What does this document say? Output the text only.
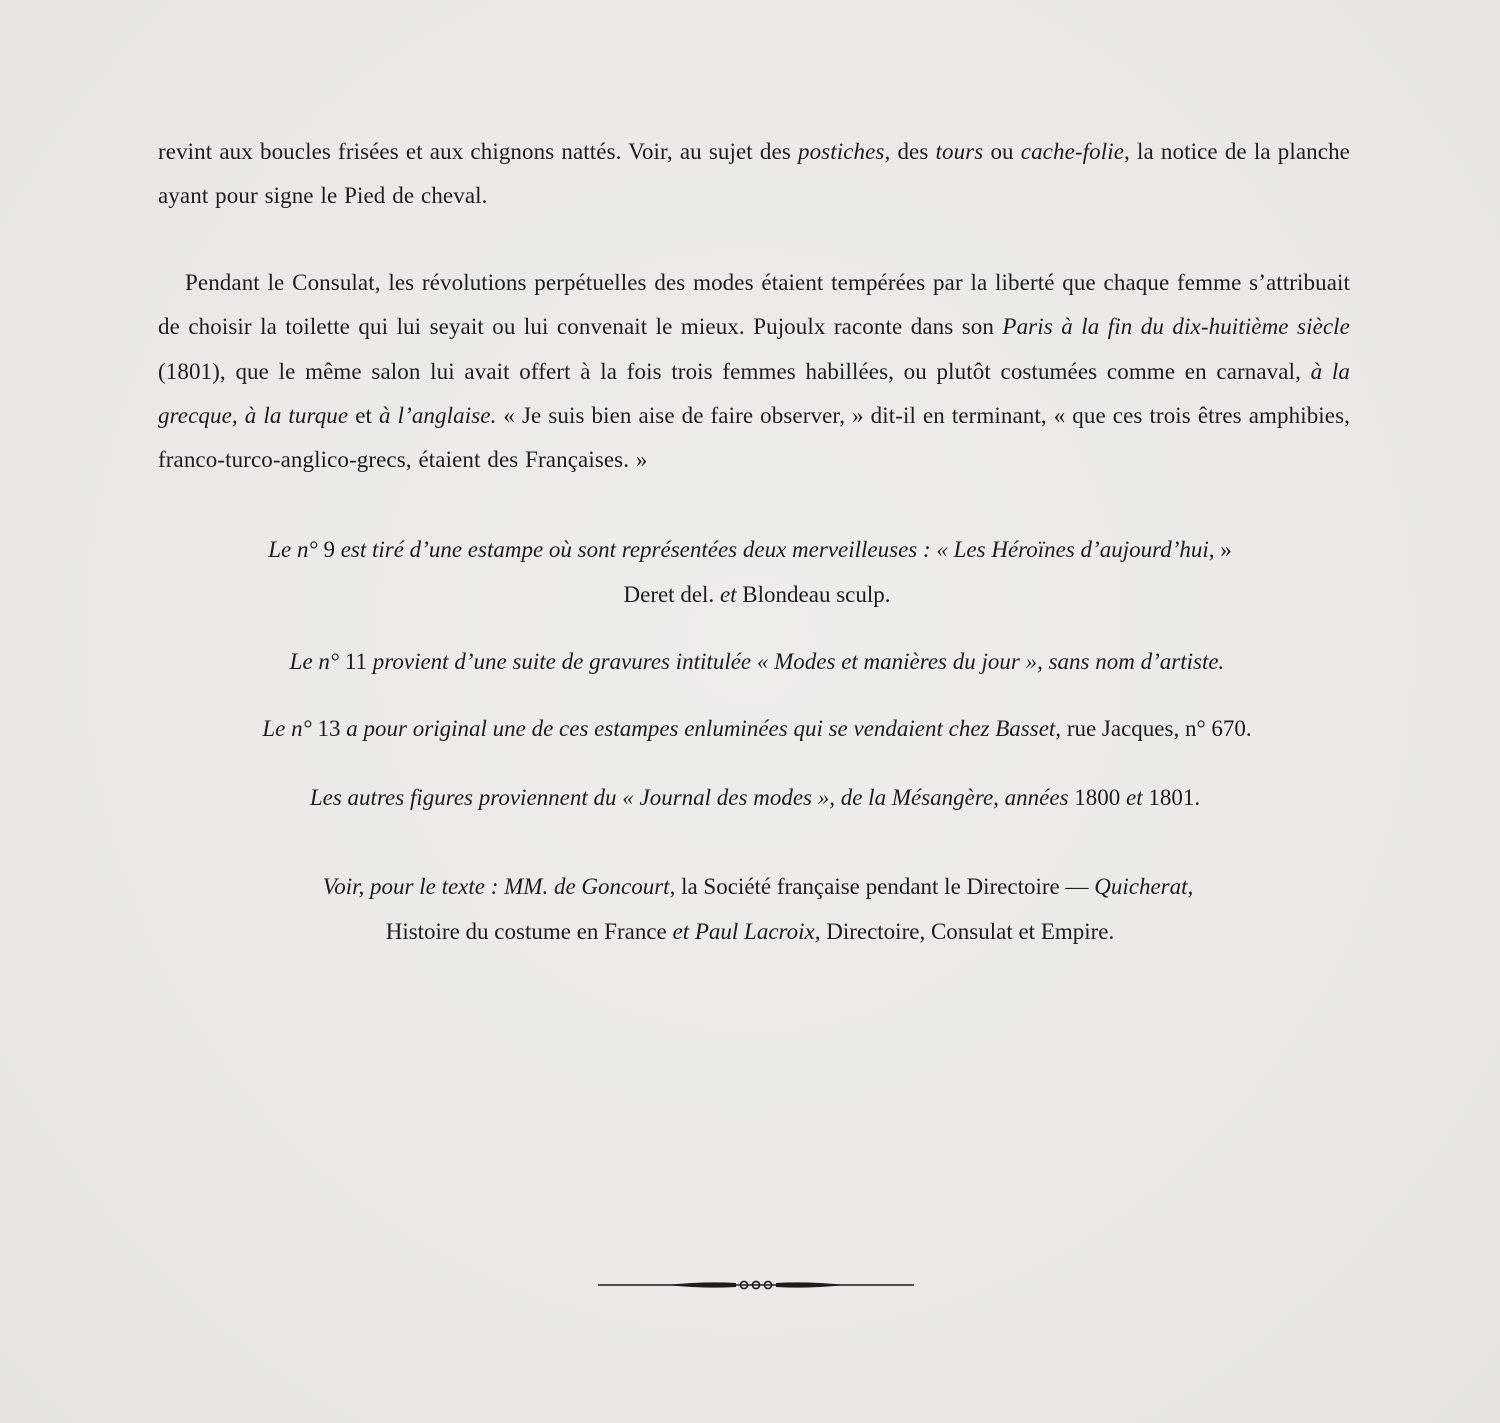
revint aux boucles frisées et aux chignons nattés. Voir, au sujet des postiches, des tours ou cache-folie, la notice de la planche ayant pour signe le Pied de cheval.

Pendant le Consulat, les révolutions perpétuelles des modes étaient tempérées par la liberté que chaque femme s’attribuait de choisir la toilette qui lui seyait ou lui convenait le mieux. Pujoulx raconte dans son Paris à la fin du dix-huitième siècle (1801), que le même salon lui avait offert à la fois trois femmes habillées, ou plutôt costumées comme en carnaval, à la grecque, à la turque et à l’anglaise. « Je suis bien aise de faire observer, » dit-il en terminant, « que ces trois êtres amphibies, franco-turco-anglico-grecs, étaient des Françaises. »

Le n° 9 est tiré d’une estampe où sont représentées deux merveilleuses : « Les Héroïnes d’aujourd’hui, »

Deret del. et Blondeau sculp.

Le n° 11 provient d’une suite de gravures intitulée « Modes et manières du jour », sans nom d’artiste.

Le n° 13 a pour original une de ces estampes enluminées qui se vendaient chez Basset, rue Jacques, n° 670.

Les autres figures proviennent du « Journal des modes », de la Mésangère, années 1800 et 1801.

Voir, pour le texte : MM. de Goncourt, la Société française pendant le Directoire — Quicherat,

Histoire du costume en France et Paul Lacroix, Directoire, Consulat et Empire.
